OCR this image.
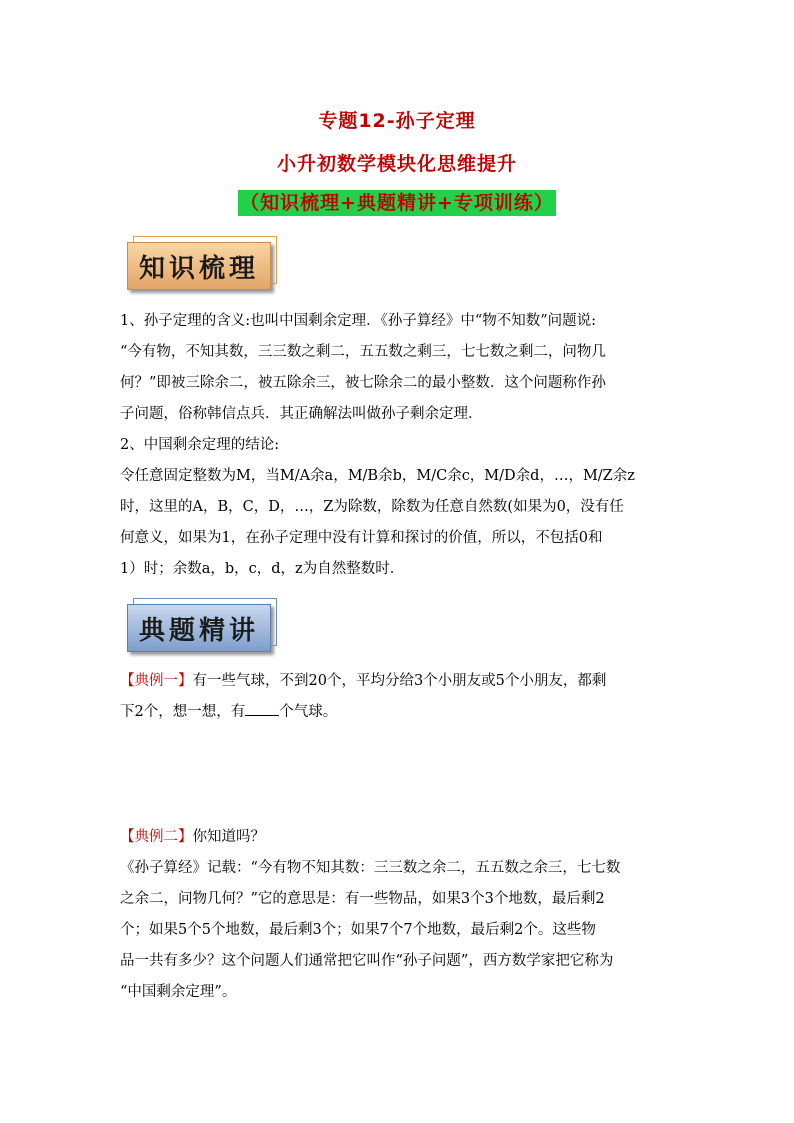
专题12-孙子定理
小升初数学模块化思维提升
（知识梳理+典题精讲+专项训练）
知识梳理
1、孙子定理的含义:也叫中国剩余定理．《孙子算经》中“物不知数”问题说:
“今有物，不知其数，三三数之剩二，五五数之剩三，七七数之剩二，问物几
何？”即被三除余二，被五除余三，被七除余二的最小整数．这个问题称作孙
子问题，俗称韩信点兵．其正确解法叫做孙子剩余定理．
2、中国剩余定理的结论:
令任意固定整数为M，当M/A余a，M/B余b，M/C余c，M/D余d，…，M/Z余z
时，这里的A，B，C，D，…，Z为除数，除数为任意自然数(如果为0，没有任
何意义，如果为1，在孙子定理中没有计算和探讨的价值，所以，不包括0和
1）时；余数a，b，c，d，z为自然整数时．
典题精讲
【典例一】有一些气球，不到20个，平均分给3个小朋友或5个小朋友，都剩
下2个，想一想，有 个气球。
【典例二】你知道吗？
《孙子算经》记载：“今有物不知其数：三三数之余二，五五数之余三，七七数
之余二，问物几何？”它的意思是：有一些物品，如果3个3个地数，最后剩2
个；如果5个5个地数，最后剩3个；如果7个7个地数，最后剩2个。这些物
品一共有多少？这个问题人们通常把它叫作“孙子问题”，西方数学家把它称为
“中国剩余定理”。
